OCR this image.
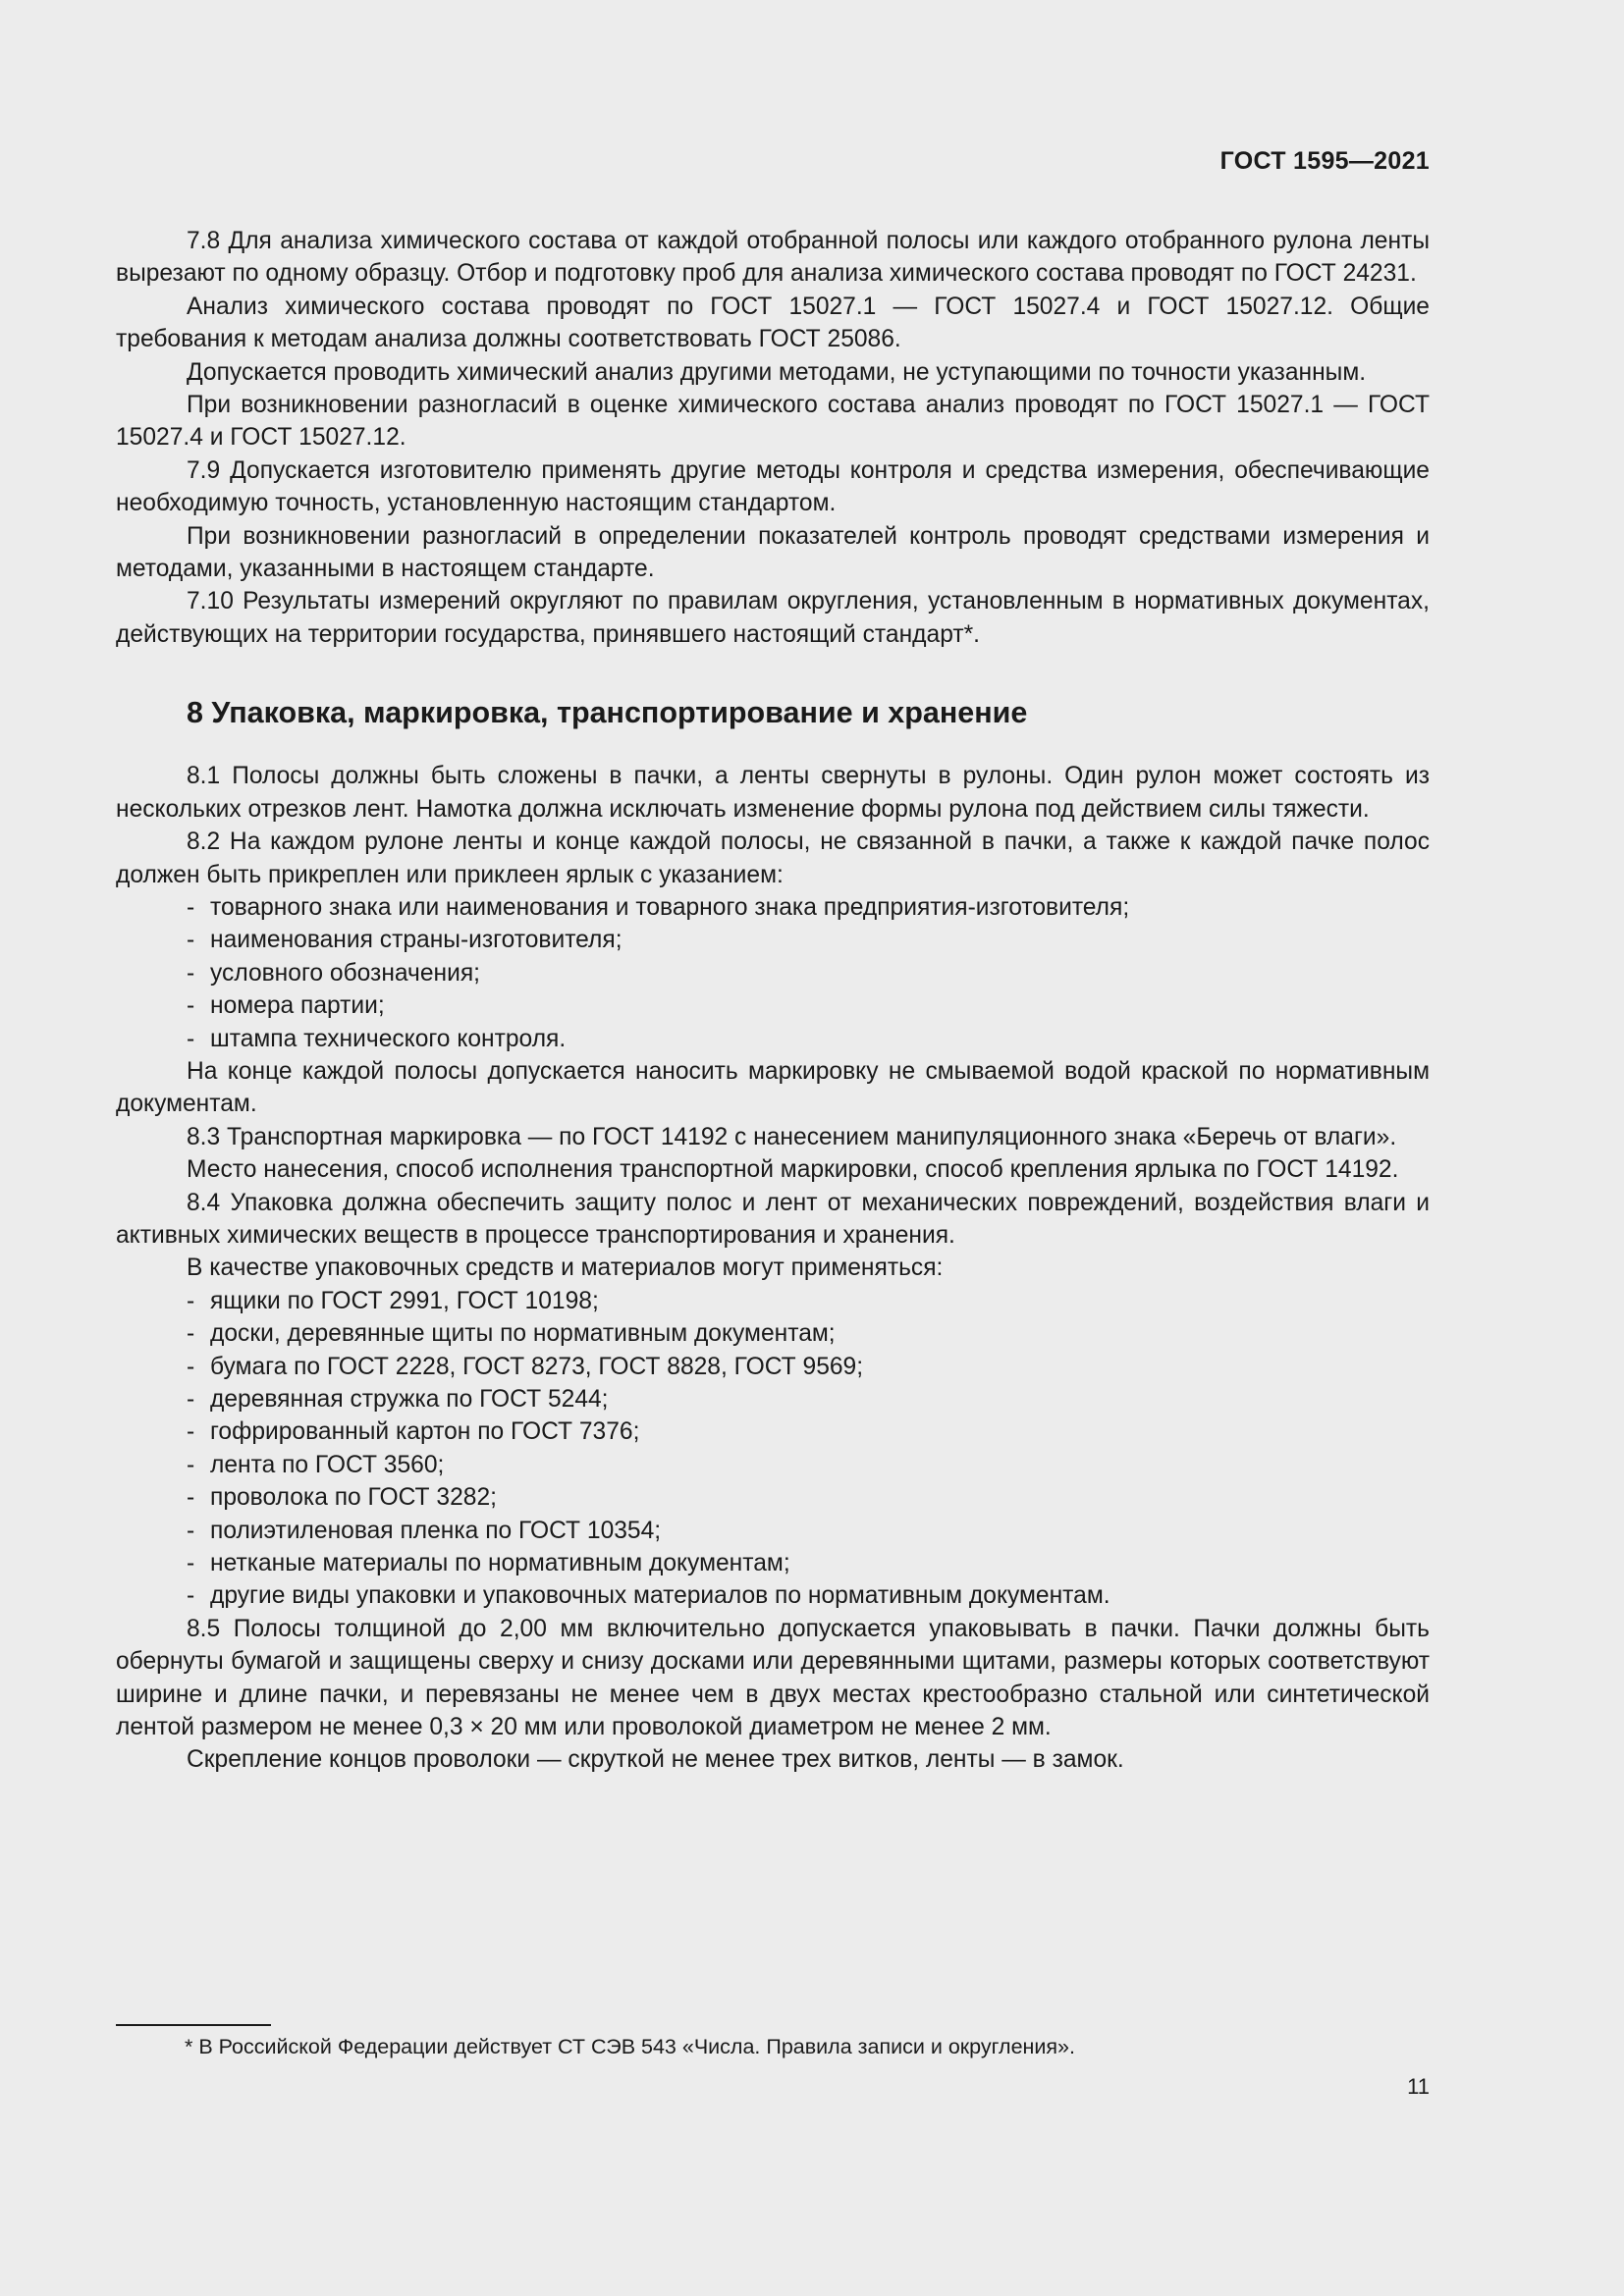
ГОСТ 1595—2021

7.8 Для анализа химического состава от каждой отобранной полосы или каждого отобранного рулона ленты вырезают по одному образцу. Отбор и подготовку проб для анализа химического состава проводят по ГОСТ 24231.

Анализ химического состава проводят по ГОСТ 15027.1 — ГОСТ 15027.4 и ГОСТ 15027.12. Общие требования к методам анализа должны соответствовать ГОСТ 25086.

Допускается проводить химический анализ другими методами, не уступающими по точности указанным.

При возникновении разногласий в оценке химического состава анализ проводят по ГОСТ 15027.1 — ГОСТ 15027.4 и ГОСТ 15027.12.

7.9 Допускается изготовителю применять другие методы контроля и средства измерения, обеспечивающие необходимую точность, установленную настоящим стандартом.

При возникновении разногласий в определении показателей контроль проводят средствами измерения и методами, указанными в настоящем стандарте.

7.10 Результаты измерений округляют по правилам округления, установленным в нормативных документах, действующих на территории государства, принявшего настоящий стандарт*.

8 Упаковка, маркировка, транспортирование и хранение

8.1 Полосы должны быть сложены в пачки, а ленты свернуты в рулоны. Один рулон может состоять из нескольких отрезков лент. Намотка должна исключать изменение формы рулона под действием силы тяжести.

8.2 На каждом рулоне ленты и конце каждой полосы, не связанной в пачки, а также к каждой пачке полос должен быть прикреплен или приклеен ярлык с указанием:

- товарного знака или наименования и товарного знака предприятия-изготовителя;
- наименования страны-изготовителя;
- условного обозначения;
- номера партии;
- штампа технического контроля.

На конце каждой полосы допускается наносить маркировку не смываемой водой краской по нормативным документам.

8.3 Транспортная маркировка — по ГОСТ 14192 с нанесением манипуляционного знака «Беречь от влаги».

Место нанесения, способ исполнения транспортной маркировки, способ крепления ярлыка по ГОСТ 14192.

8.4 Упаковка должна обеспечить защиту полос и лент от механических повреждений, воздействия влаги и активных химических веществ в процессе транспортирования и хранения.

В качестве упаковочных средств и материалов могут применяться:

- ящики по ГОСТ 2991, ГОСТ 10198;
- доски, деревянные щиты по нормативным документам;
- бумага по ГОСТ 2228, ГОСТ 8273, ГОСТ 8828, ГОСТ 9569;
- деревянная стружка по ГОСТ 5244;
- гофрированный картон по ГОСТ 7376;
- лента по ГОСТ 3560;
- проволока по ГОСТ 3282;
- полиэтиленовая пленка по ГОСТ 10354;
- нетканые материалы по нормативным документам;
- другие виды упаковки и упаковочных материалов по нормативным документам.

8.5 Полосы толщиной до 2,00 мм включительно допускается упаковывать в пачки. Пачки должны быть обернуты бумагой и защищены сверху и снизу досками или деревянными щитами, размеры которых соответствуют ширине и длине пачки, и перевязаны не менее чем в двух местах крестообразно стальной или синтетической лентой размером не менее 0,3 × 20 мм или проволокой диаметром не менее 2 мм.

Скрепление концов проволоки — скруткой не менее трех витков, ленты — в замок.

* В Российской Федерации действует СТ СЭВ 543 «Числа. Правила записи и округления».
11
